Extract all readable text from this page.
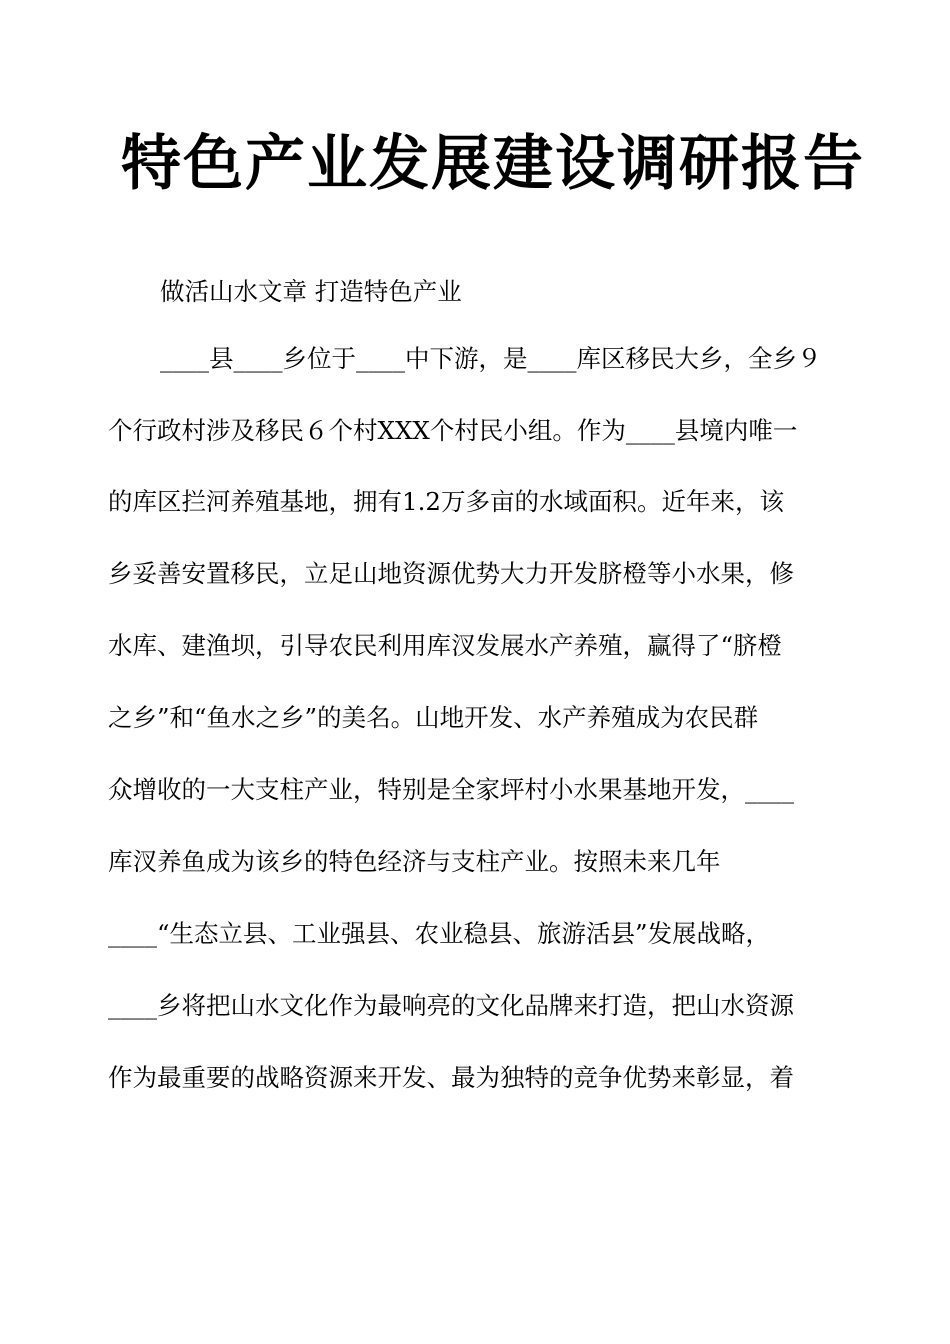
特色产业发展建设调研报告

做活山水文章 打造特色产业

____县____乡位于____中下游，是____库区移民大乡，全乡９

个行政村涉及移民６个村XXX个村民小组。作为____县境内唯一

的库区拦河养殖基地，拥有1.2万多亩的水域面积。近年来，该

乡妥善安置移民，立足山地资源优势大力开发脐橙等小水果，修

水库、建渔坝，引导农民利用库汊发展水产养殖，赢得了“脐橙

之乡”和“鱼水之乡”的美名。山地开发、水产养殖成为农民群

众增收的一大支柱产业，特别是全家坪村小水果基地开发，____

库汊养鱼成为该乡的特色经济与支柱产业。按照未来几年

____“生态立县、工业强县、农业稳县、旅游活县”发展战略，

____乡将把山水文化作为最响亮的文化品牌来打造，把山水资源

作为最重要的战略资源来开发、最为独特的竞争优势来彰显，着
